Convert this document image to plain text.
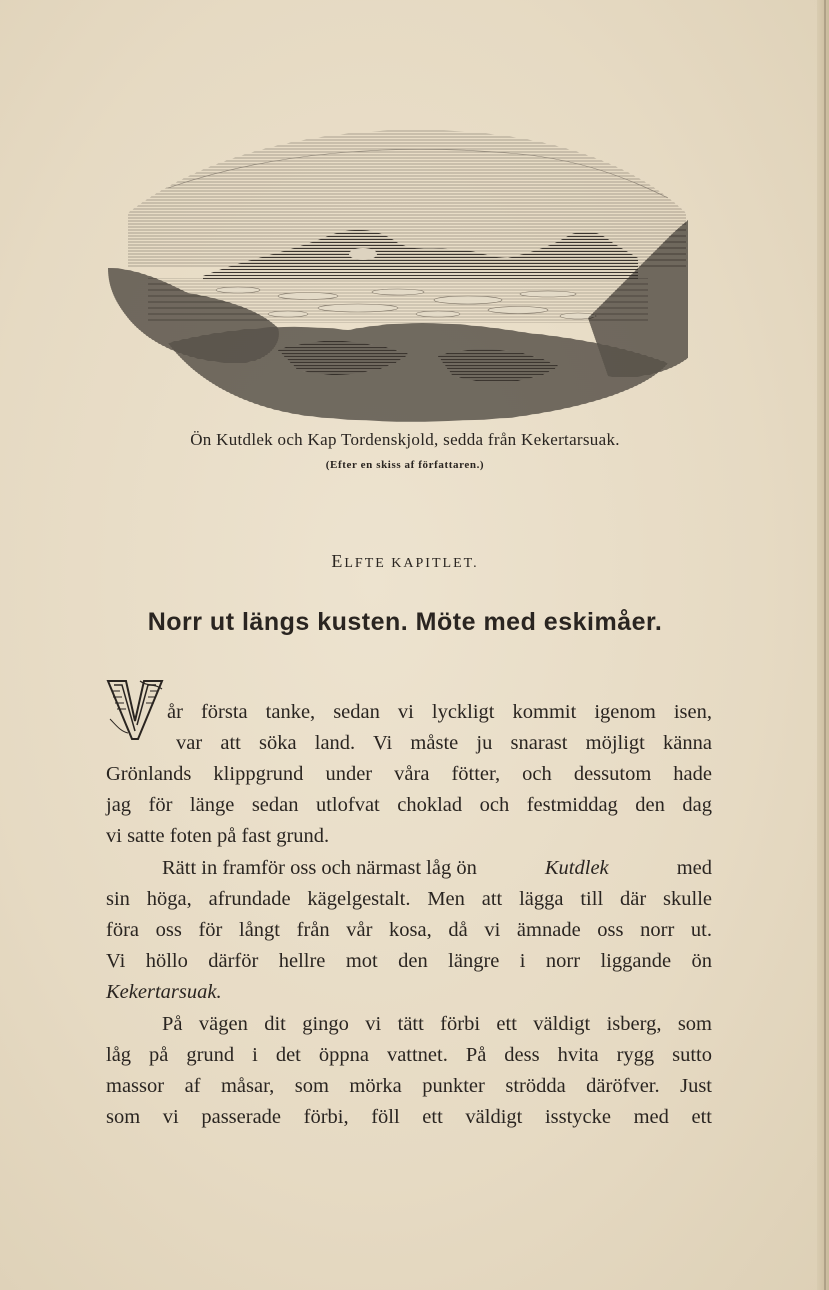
Ön Kutdlek och Kap Tordenskjold, sedda från Kekertarsuak.
(Efter en skiss af författaren.)
ELFTE KAPITLET.
Norr ut längs kusten. Möte med eskimåer.
år första tanke, sedan vi lyckligt kommit igenom isen,
var att söka land. Vi måste ju snarast möjligt känna
Grönlands klippgrund under våra fötter, och dessutom hade
jag för länge sedan utlofvat choklad och festmiddag den dag
vi satte foten på fast grund.
Rätt in framför oss och närmast låg ön	Kutdlek	med
sin höga, afrundade kägelgestalt. Men att lägga till där skulle
föra oss för långt från vår kosa, då vi ämnade oss norr ut.
Vi höllo därför hellre mot den längre i norr liggande ön
Kekertarsuak.
På vägen dit gingo vi tätt förbi ett väldigt isberg, som
låg på grund i det öppna vattnet. På dess hvita rygg sutto
massor af måsar, som mörka punkter strödda däröfver. Just
som vi passerade förbi, föll ett väldigt isstycke med ett
